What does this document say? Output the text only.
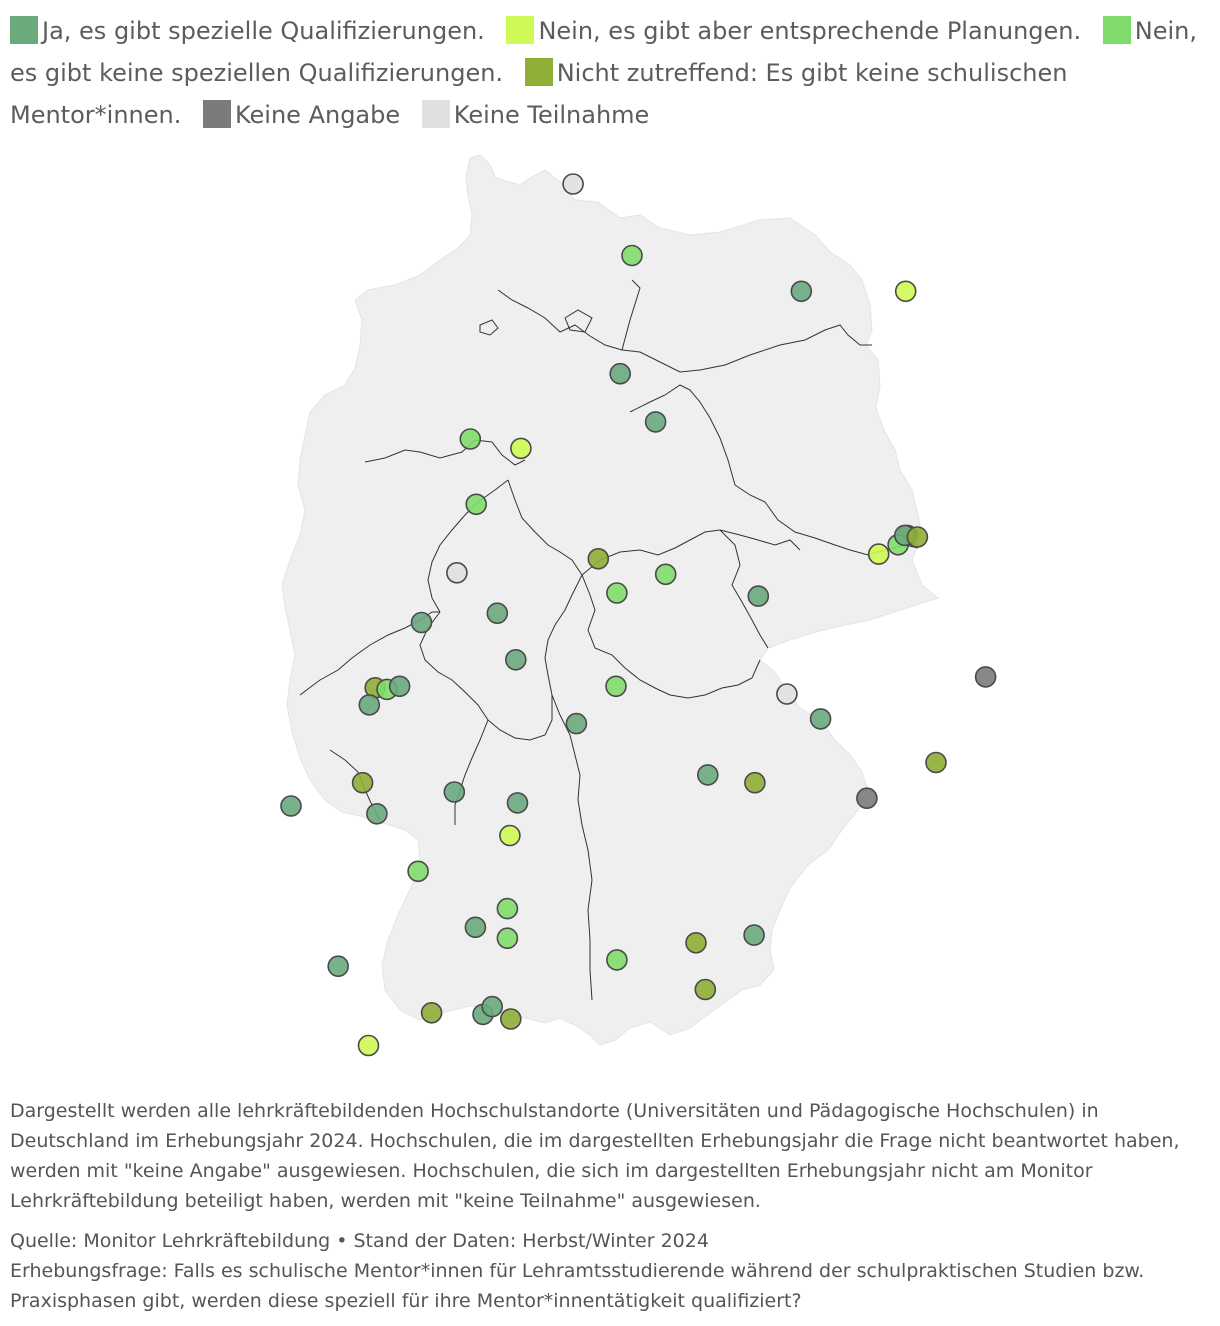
Ja, es gibt spezielle Qualifizierungen. Nein, es gibt aber entsprechende Planungen. Nein, es gibt keine speziellen Qualifizierungen. Nicht zutreffend: Es gibt keine schulischen Mentor*innen. Keine Angabe Keine Teilnahme

Dargestellt werden alle lehrkräftebildenden Hochschulstandorte (Universitäten und Pädagogische Hochschulen) in Deutschland im Erhebungsjahr 2024. Hochschulen, die im dargestellten Erhebungsjahr die Frage nicht beantwortet haben, werden mit "keine Angabe" ausgewiesen. Hochschulen, die sich im dargestellten Erhebungsjahr nicht am Monitor Lehrkräftebildung beteiligt haben, werden mit "keine Teilnahme" ausgewiesen.

Quelle: Monitor Lehrkräftebildung • Stand der Daten: Herbst/Winter 2024

Erhebungsfrage: Falls es schulische Mentor*innen für Lehramtsstudierende während der schulpraktischen Studien bzw. Praxisphasen gibt, werden diese speziell für ihre Mentor*innentätigkeit qualifiziert?
